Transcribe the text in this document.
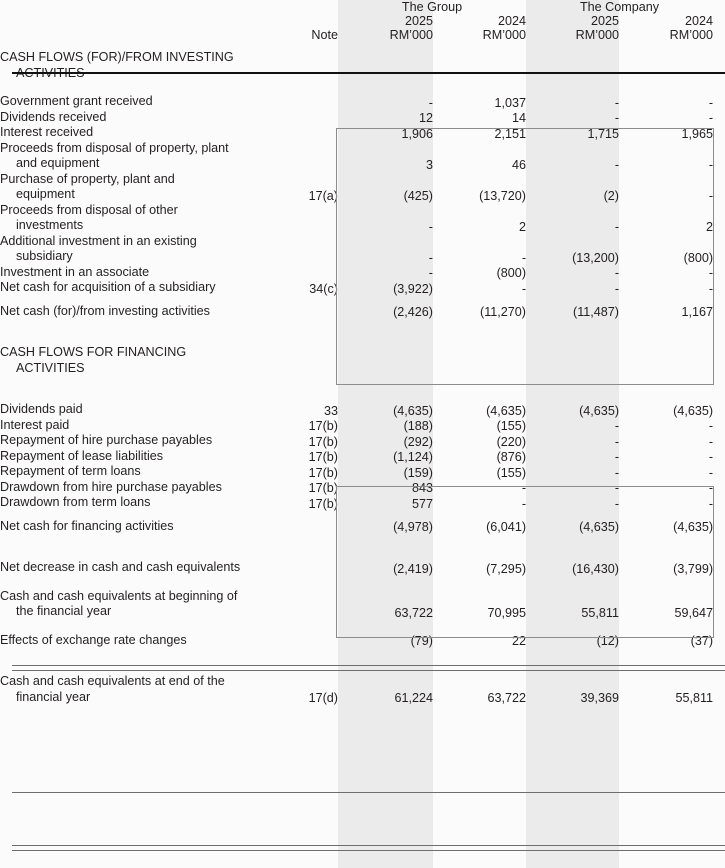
		The Group		The Company		
		2025	2024	2025	2024	
	Note	RM’000	RM’000	RM’000	RM’000	

CASH FLOWS (FOR)/FROM INVESTING
ACTIVITIES						

Government grant received		-	1,037	-	-	
Dividends received		12	14	-	-	
Interest received		1,906	2,151	1,715	1,965	
Proceeds from disposal of property, plant
and equipment		3	46	-	-	
Purchase of property, plant and
equipment	17(a)	(425)	(13,720)	(2)	-	
Proceeds from disposal of other
investments		-	2	-	2	
Additional investment in an existing
subsidiary		-	-	(13,200)	(800)	
Investment in an associate		-	(800)	-	-	
Net cash for acquisition of a subsidiary	34(c)	(3,922)	-	-	-	

Net cash (for)/from investing activities		(2,426)	(11,270)	(11,487)	1,167	
CASH FLOWS FOR FINANCING
ACTIVITIES						

Dividends paid	33	(4,635)	(4,635)	(4,635)	(4,635)	
Interest paid	17(b)	(188)	(155)	-	-	
Repayment of hire purchase payables	17(b)	(292)	(220)	-	-	
Repayment of lease liabilities	17(b)	(1,124)	(876)	-	-	
Repayment of term loans	17(b)	(159)	(155)	-	-	
Drawdown from hire purchase payables	17(b)	843	-	-	-	
Drawdown from term loans	17(b)	577	-	-	-	

Net cash for financing activities		(4,978)	(6,041)	(4,635)	(4,635)	

Net decrease in cash and cash equivalents		(2,419)	(7,295)	(16,430)	(3,799)	

Cash and cash equivalents at beginning of
the financial year		63,722	70,995	55,811	59,647	

Effects of exchange rate changes		(79)	22	(12)	(37)	

Cash and cash equivalents at end of the
financial year	17(d)	61,224	63,722	39,369	55,811	
